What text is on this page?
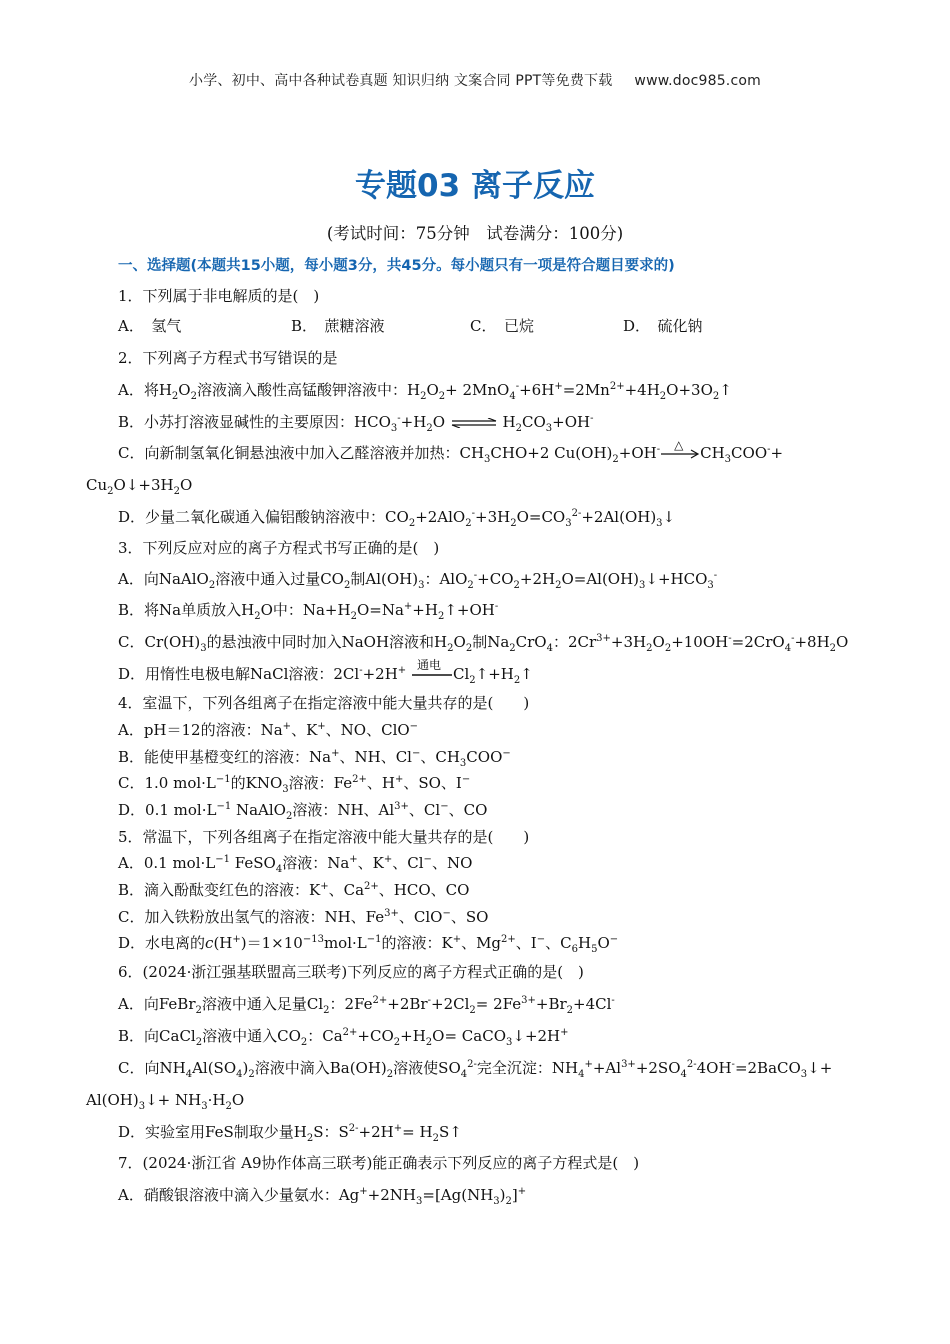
小学、初中、高中各种试卷真题 知识归纳 文案合同 PPT等免费下载 www.doc985.com
专题03 离子反应
(考试时间：75分钟　试卷满分：100分)
一、选择题(本题共15小题，每小题3分，共45分。每小题只有一项是符合题目要求的)
1．下列属于非电解质的是(　)
A．　氢气	B．　蔗糖溶液	C．　已烷	D．　硫化钠
2．下列离子方程式书写错误的是
A．将$H_2O_2$溶液滴入酸性高锰酸钾溶液中：$H_2O_2+$ $2MnO_4^-+6H^+=2Mn^{2+}+4H_2O+3O_2↑$
B．小苏打溶液显碱性的主要原因：$HCO_3^-+H_2O$ ⇌ $H_2CO_3+OH^-$
C．向新制氢氧化铜悬浊液中加入乙醛溶液并加热：$CH_3CHO+2$ $Cu(OH)_2+OH^-$ △ $CH_3COO^-+$
$Cu_2O↓+3H_2O$
D．少量二氧化碳通入偏铝酸钠溶液中：$CO_2+2AlO_2^-+3H_2O=CO_3^{2-}+2Al(OH)_3↓$
3．下列反应对应的离子方程式书写正确的是(　)
A．向NaAlO$_2$溶液中通入过量$CO_2$制$Al(OH)_3$：$AlO_2^-+CO_2+2H_2O=Al(OH)_3↓+HCO_3^-$
B．将Na单质放入$H_2O$中：$Na+H_2O=Na^++H_2↑+OH^-$
C．$Cr(OH)_3$的悬浊液中同时加入NaOH溶液和$H_2O_2$制$Na_2CrO_4$：$2Cr^{3+}+3H_2O_2+10OH^-=2CrO_4^-+8H_2O$
D．用惰性电极电解NaCl溶液：2Cl-+2H+ 通电 $Cl_2↑+H_2↑$
4．室温下，下列各组离子在指定溶液中能大量共存的是(　　)
A．pH＝12的溶液：Na+、K+、NO、ClO−
B．能使甲基橙变红的溶液：Na+、NH、Cl−、$CH_3COO^-$
C．1.0 $mol\cdot L^{-1}$的$KNO_3$溶液：$Fe^{2+}$、H+、SO、I−
D．0.1 $mol\cdot L^{-1}$ NaAlO$_2$溶液：NH、$Al^{3+}$、Cl−、CO
5．常温下，下列各组离子在指定溶液中能大量共存的是(　　)
A．0.1 $mol\cdot L^{-1}$ FeSO$_4$溶液：Na+、K+、Cl−、NO
B．滴入酚酞变红色的溶液：K+、$Ca^{2+}$、HCO、CO
C．加入铁粉放出氢气的溶液：NH、$Fe^{3+}$、ClO−、SO
D．水电离的$c(H^+)=1\times 10^{-13}mol\cdot L^{-1}$的溶液：K+、$Mg^{2+}$、I−、$C_6H_5O^-$
6．(2024·浙江强基联盟高三联考)下列反应的离子方程式正确的是(　)
A．向FeBr$_2$溶液中通入足量$Cl_2$：$2Fe^{2+}+2Br^-+2Cl_2= 2Fe^{3+}+Br_2+4Cl^-$
B．向CaCl$_2$溶液中通入$CO_2$：$Ca^{2+}+CO_2+H_2O=$ CaCO$_3$↓+2H+
C．向$NH_4Al(SO_4)_2$溶液中滴入$Ba(OH)_2$溶液使$SO_4^{2-}$完全沉淀：$NH_4^++Al^{3+}+2SO_4^{2-}4OH^-=2BaCO_3↓+$
$Al(OH)_3↓+ NH_3\cdot H_2O$
D．实验室用FeS制取少量$H_2S$：$S^{2-}+2H^+=$ $H_2S↑$
7．(2024·浙江省 A9协作体高三联考)能正确表示下列反应的离子方程式是(　)
A．硝酸银溶液中滴入少量氨水：$Ag^++2NH_3=[Ag(NH_3)_2]^+$
